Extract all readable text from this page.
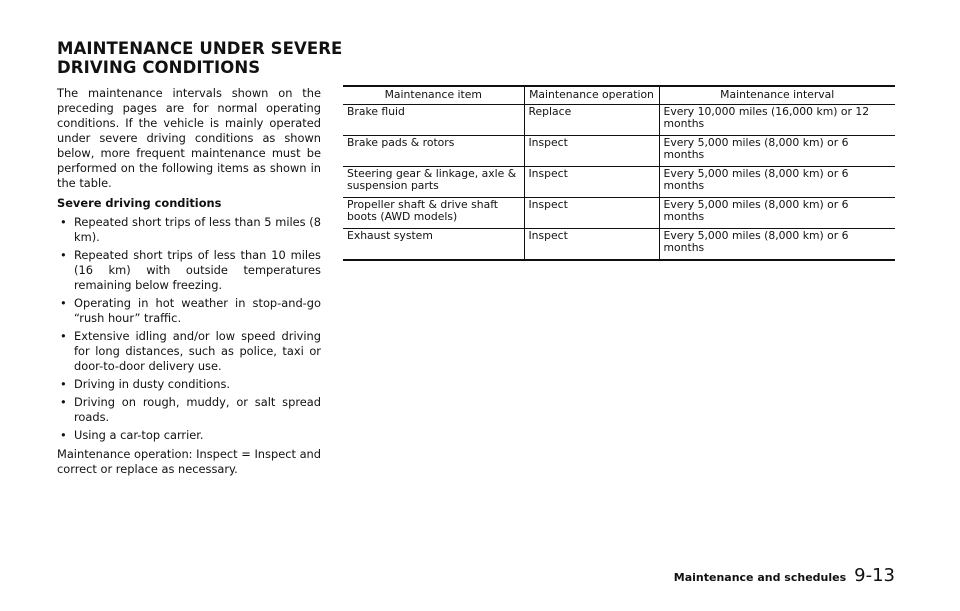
MAINTENANCE UNDER SEVERE DRIVING CONDITIONS

The maintenance intervals shown on the preceding pages are for normal operating conditions. If the vehicle is mainly operated under severe driving conditions as shown below, more frequent maintenance must be performed on the following items as shown in the table.

Severe driving conditions

• Repeated short trips of less than 5 miles (8 km).
• Repeated short trips of less than 10 miles (16 km) with outside temperatures remaining below freezing.
• Operating in hot weather in stop-and-go “rush hour” traffic.
• Extensive idling and/or low speed driving for long distances, such as police, taxi or door-to-door delivery use.
• Driving in dusty conditions.
• Driving on rough, muddy, or salt spread roads.
• Using a car-top carrier.

Maintenance operation: Inspect = Inspect and correct or replace as necessary.

Maintenance item	Maintenance operation	Maintenance interval
Brake fluid	Replace	Every 10,000 miles (16,000 km) or 12 months
Brake pads & rotors	Inspect	Every 5,000 miles (8,000 km) or 6 months
Steering gear & linkage, axle & suspension parts	Inspect	Every 5,000 miles (8,000 km) or 6 months
Propeller shaft & drive shaft boots (AWD models)	Inspect	Every 5,000 miles (8,000 km) or 6 months
Exhaust system	Inspect	Every 5,000 miles (8,000 km) or 6 months
Maintenance and schedules 9-13
